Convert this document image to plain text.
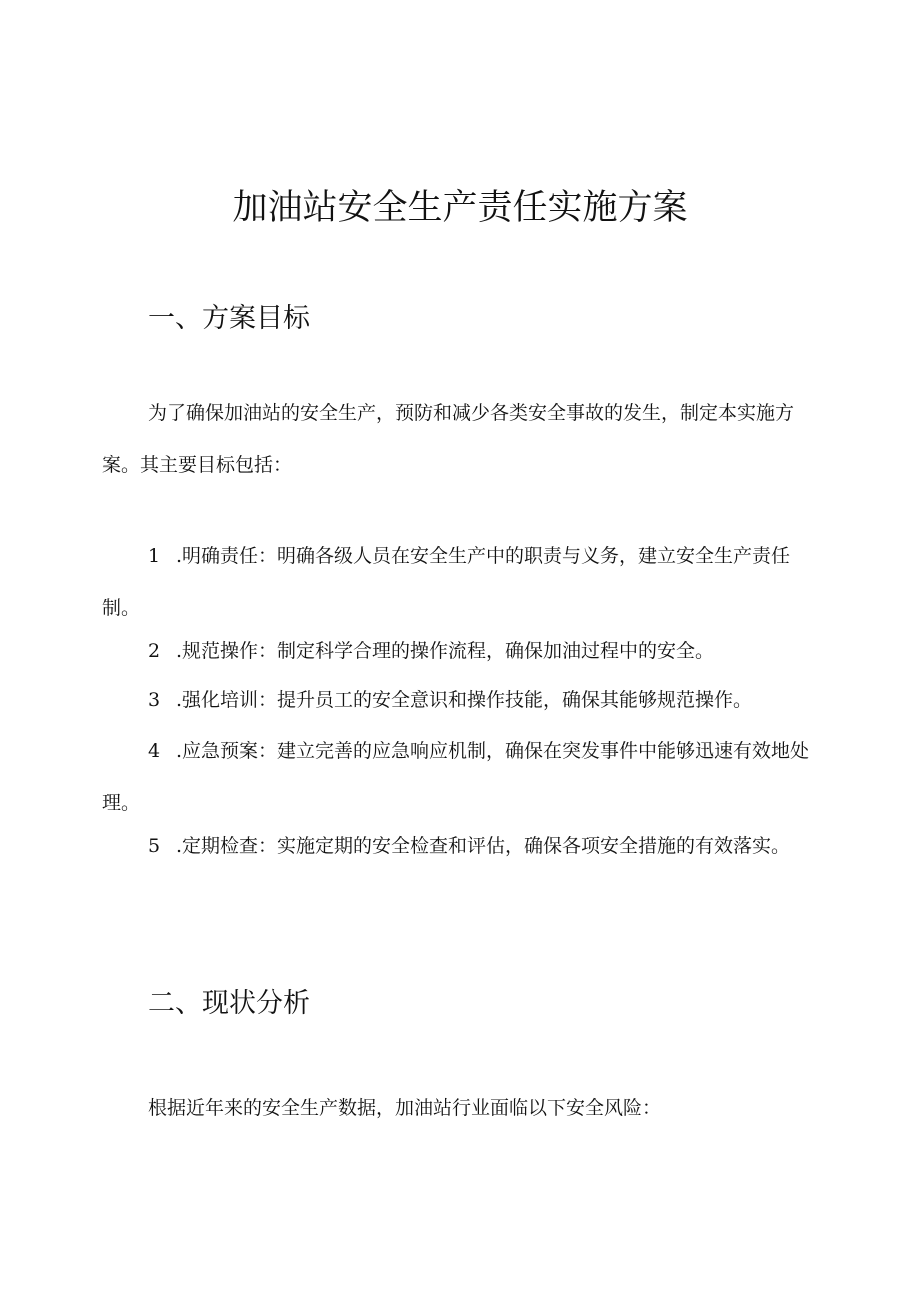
加油站安全生产责任实施方案
一、方案目标

为了确保加油站的安全生产，预防和减少各类安全事故的发生，制定本实施方案。其主要目标包括：

1 .明确责任：明确各级人员在安全生产中的职责与义务，建立安全生产责任制。

2 .规范操作：制定科学合理的操作流程，确保加油过程中的安全。

3 .强化培训：提升员工的安全意识和操作技能，确保其能够规范操作。

4 .应急预案：建立完善的应急响应机制，确保在突发事件中能够迅速有效地处理。

5 .定期检查：实施定期的安全检查和评估，确保各项安全措施的有效落实。

二、现状分析

根据近年来的安全生产数据，加油站行业面临以下安全风险：
